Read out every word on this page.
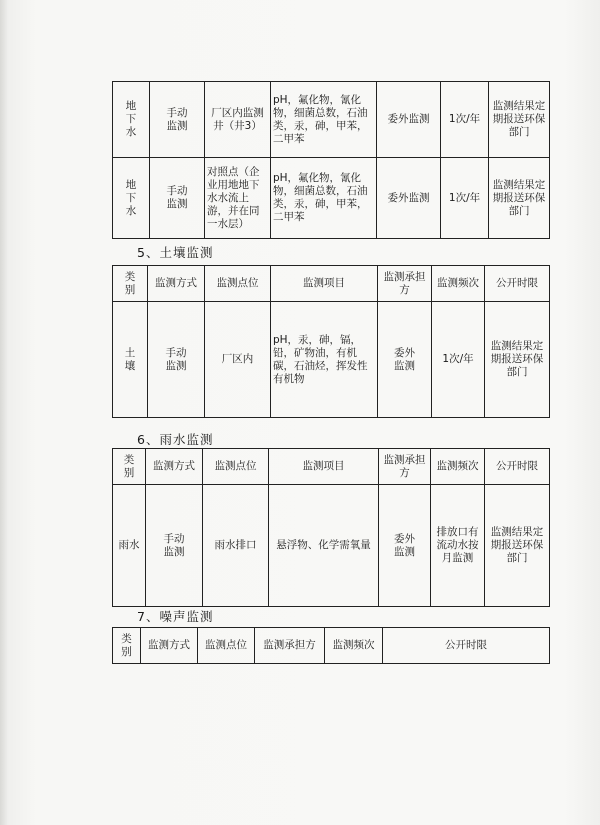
地下水	手动监测	厂区内监测井（井3）	pH，氟化物，氰化物，细菌总数，石油类，汞，砷，甲苯，二甲苯	委外监测	1次/年	监测结果定期报送环保部门
地下水	手动监测	对照点（企业用地地下水水流上游，并在同一水层）	pH，氟化物，氰化物，细菌总数，石油类，汞，砷，甲苯，二甲苯	委外监测	1次/年	监测结果定期报送环保部门
5、土壤监测
类别	监测方式	监测点位	监测项目	监测承担方	监测频次	公开时限
土壤	手动监测	厂区内	pH，汞，砷，镉，铅，矿物油，有机碳，石油烃，挥发性有机物	委外监测	1次/年	监测结果定期报送环保部门
6、雨水监测
类别	监测方式	监测点位	监测项目	监测承担方	监测频次	公开时限
雨水	手动监测	雨水排口	悬浮物、化学需氧量	委外监测	排放口有流动水按月监测	监测结果定期报送环保部门
7、噪声监测
类别	监测方式	监测点位	监测承担方	监测频次	公开时限
